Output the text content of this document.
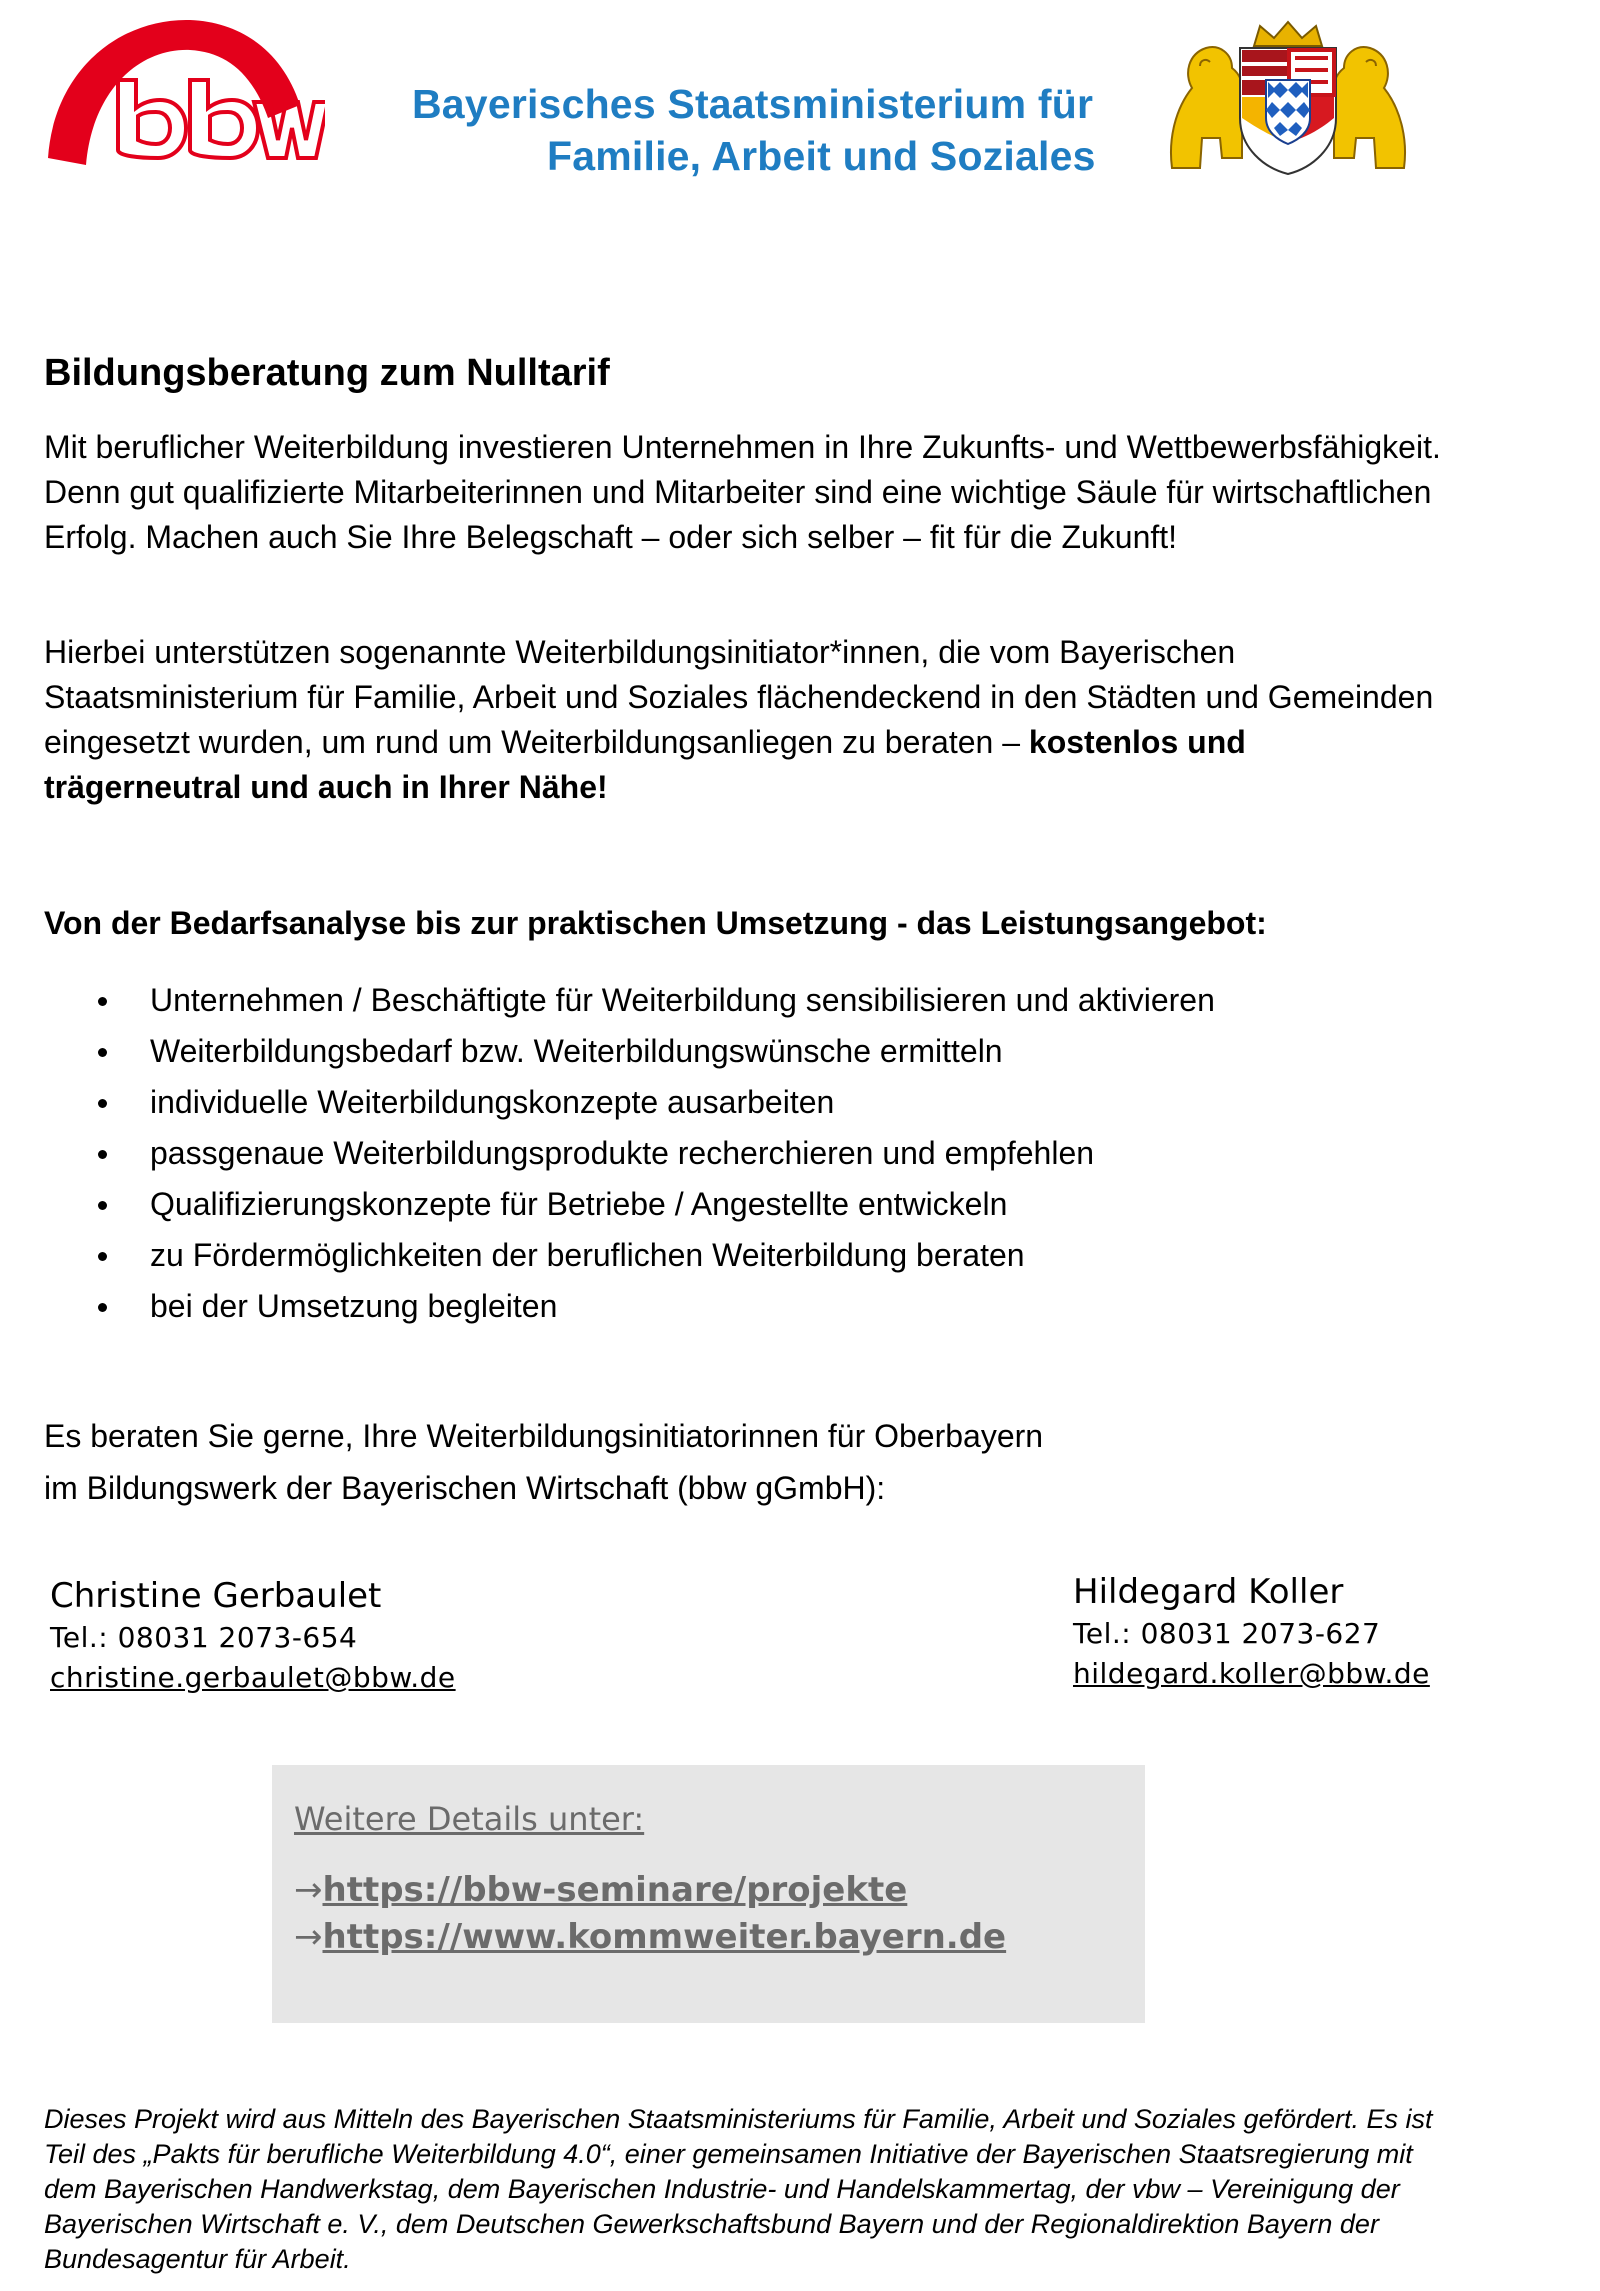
Bayerisches Staatsministerium für
Familie, Arbeit und Soziales
Bildungsberatung zum Nulltarif
Mit beruflicher Weiterbildung investieren Unternehmen in Ihre Zukunfts- und Wettbewerbsfähigkeit. Denn gut qualifizierte Mitarbeiterinnen und Mitarbeiter sind eine wichtige Säule für wirtschaftlichen Erfolg. Machen auch Sie Ihre Belegschaft – oder sich selber – fit für die Zukunft!
Hierbei unterstützen sogenannte Weiterbildungsinitiator*innen, die vom Bayerischen Staatsministerium für Familie, Arbeit und Soziales flächendeckend in den Städten und Gemeinden eingesetzt wurden, um rund um Weiterbildungsanliegen zu beraten – kostenlos und trägerneutral und auch in Ihrer Nähe!
Von der Bedarfsanalyse bis zur praktischen Umsetzung - das Leistungsangebot:
Unternehmen / Beschäftigte für Weiterbildung sensibilisieren und aktivieren
Weiterbildungsbedarf bzw. Weiterbildungswünsche ermitteln
individuelle Weiterbildungskonzepte ausarbeiten
passgenaue Weiterbildungsprodukte recherchieren und empfehlen
Qualifizierungskonzepte für Betriebe / Angestellte entwickeln
zu Fördermöglichkeiten der beruflichen Weiterbildung beraten
bei der Umsetzung begleiten
Es beraten Sie gerne, Ihre Weiterbildungsinitiatorinnen für Oberbayern
im Bildungswerk der Bayerischen Wirtschaft (bbw gGmbH):
Christine Gerbaulet
Tel.: 08031 2073-654
christine.gerbaulet@bbw.de
Hildegard Koller
Tel.: 08031 2073-627
hildegard.koller@bbw.de
Weitere Details unter:
→https://bbw-seminare/projekte
→https://www.kommweiter.bayern.de
Dieses Projekt wird aus Mitteln des Bayerischen Staatsministeriums für Familie, Arbeit und Soziales gefördert. Es ist Teil des „Pakts für berufliche Weiterbildung 4.0“, einer gemeinsamen Initiative der Bayerischen Staatsregierung mit dem Bayerischen Handwerkstag, dem Bayerischen Industrie- und Handelskammertag, der vbw – Vereinigung der Bayerischen Wirtschaft e. V., dem Deutschen Gewerkschaftsbund Bayern und der Regionaldirektion Bayern der Bundesagentur für Arbeit.
